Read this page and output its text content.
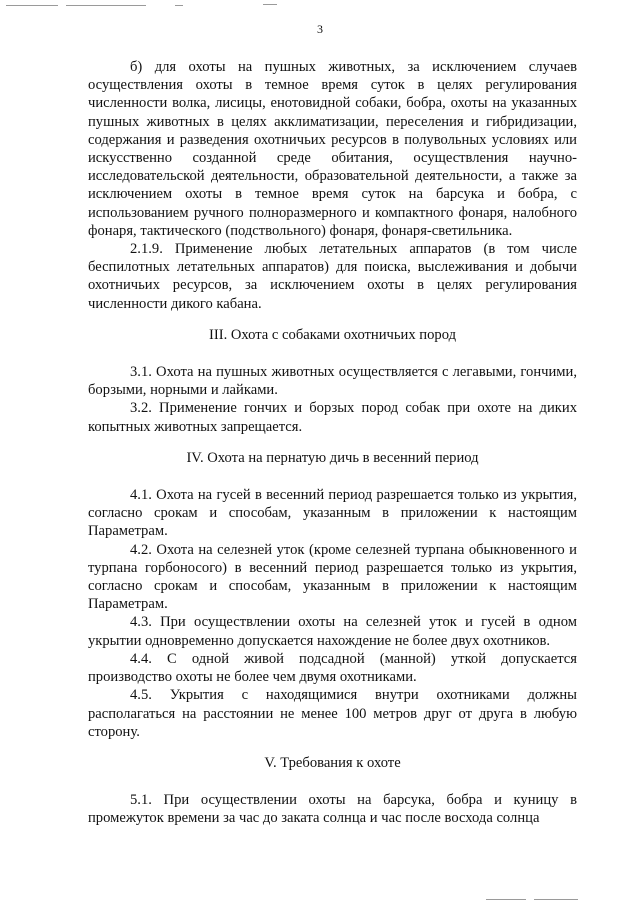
3

б) для охоты на пушных животных, за исключением случаев осуществления охоты в темное время суток в целях регулирования численности волка, лисицы, енотовидной собаки, бобра, охоты на указанных пушных животных в целях акклиматизации, переселения и гибридизации, содержания и разведения охотничьих ресурсов в полувольных условиях или искусственно созданной среде обитания, осуществления научно-исследовательской деятельности, образовательной деятельности, а также за исключением охоты в темное время суток на барсука и бобра, с использованием ручного полноразмерного и компактного фонаря, налобного фонаря, тактического (подствольного) фонаря, фонаря-светильника.

2.1.9. Применение любых летательных аппаратов (в том числе беспилотных летательных аппаратов) для поиска, выслеживания и добычи охотничьих ресурсов, за исключением охоты в целях регулирования численности дикого кабана.

III. Охота с собаками охотничьих пород

3.1. Охота на пушных животных осуществляется с легавыми, гончими, борзыми, норными и лайками.

3.2. Применение гончих и борзых пород собак при охоте на диких копытных животных запрещается.

IV. Охота на пернатую дичь в весенний период

4.1. Охота на гусей в весенний период разрешается только из укрытия, согласно срокам и способам, указанным в приложении к настоящим Параметрам.

4.2. Охота на селезней уток (кроме селезней турпана обыкновенного и турпана горбоносого) в весенний период разрешается только из укрытия, согласно срокам и способам, указанным в приложении к настоящим Параметрам.

4.3. При осуществлении охоты на селезней уток и гусей в одном укрытии одновременно допускается нахождение не более двух охотников.

4.4. С одной живой подсадной (манной) уткой допускается производство охоты не более чем двумя охотниками.

4.5. Укрытия с находящимися внутри охотниками должны располагаться на расстоянии не менее 100 метров друг от друга в любую сторону.

V. Требования к охоте

5.1. При осуществлении охоты на барсука, бобра и куницу в промежуток времени за час до заката солнца и час после восхода солнца
